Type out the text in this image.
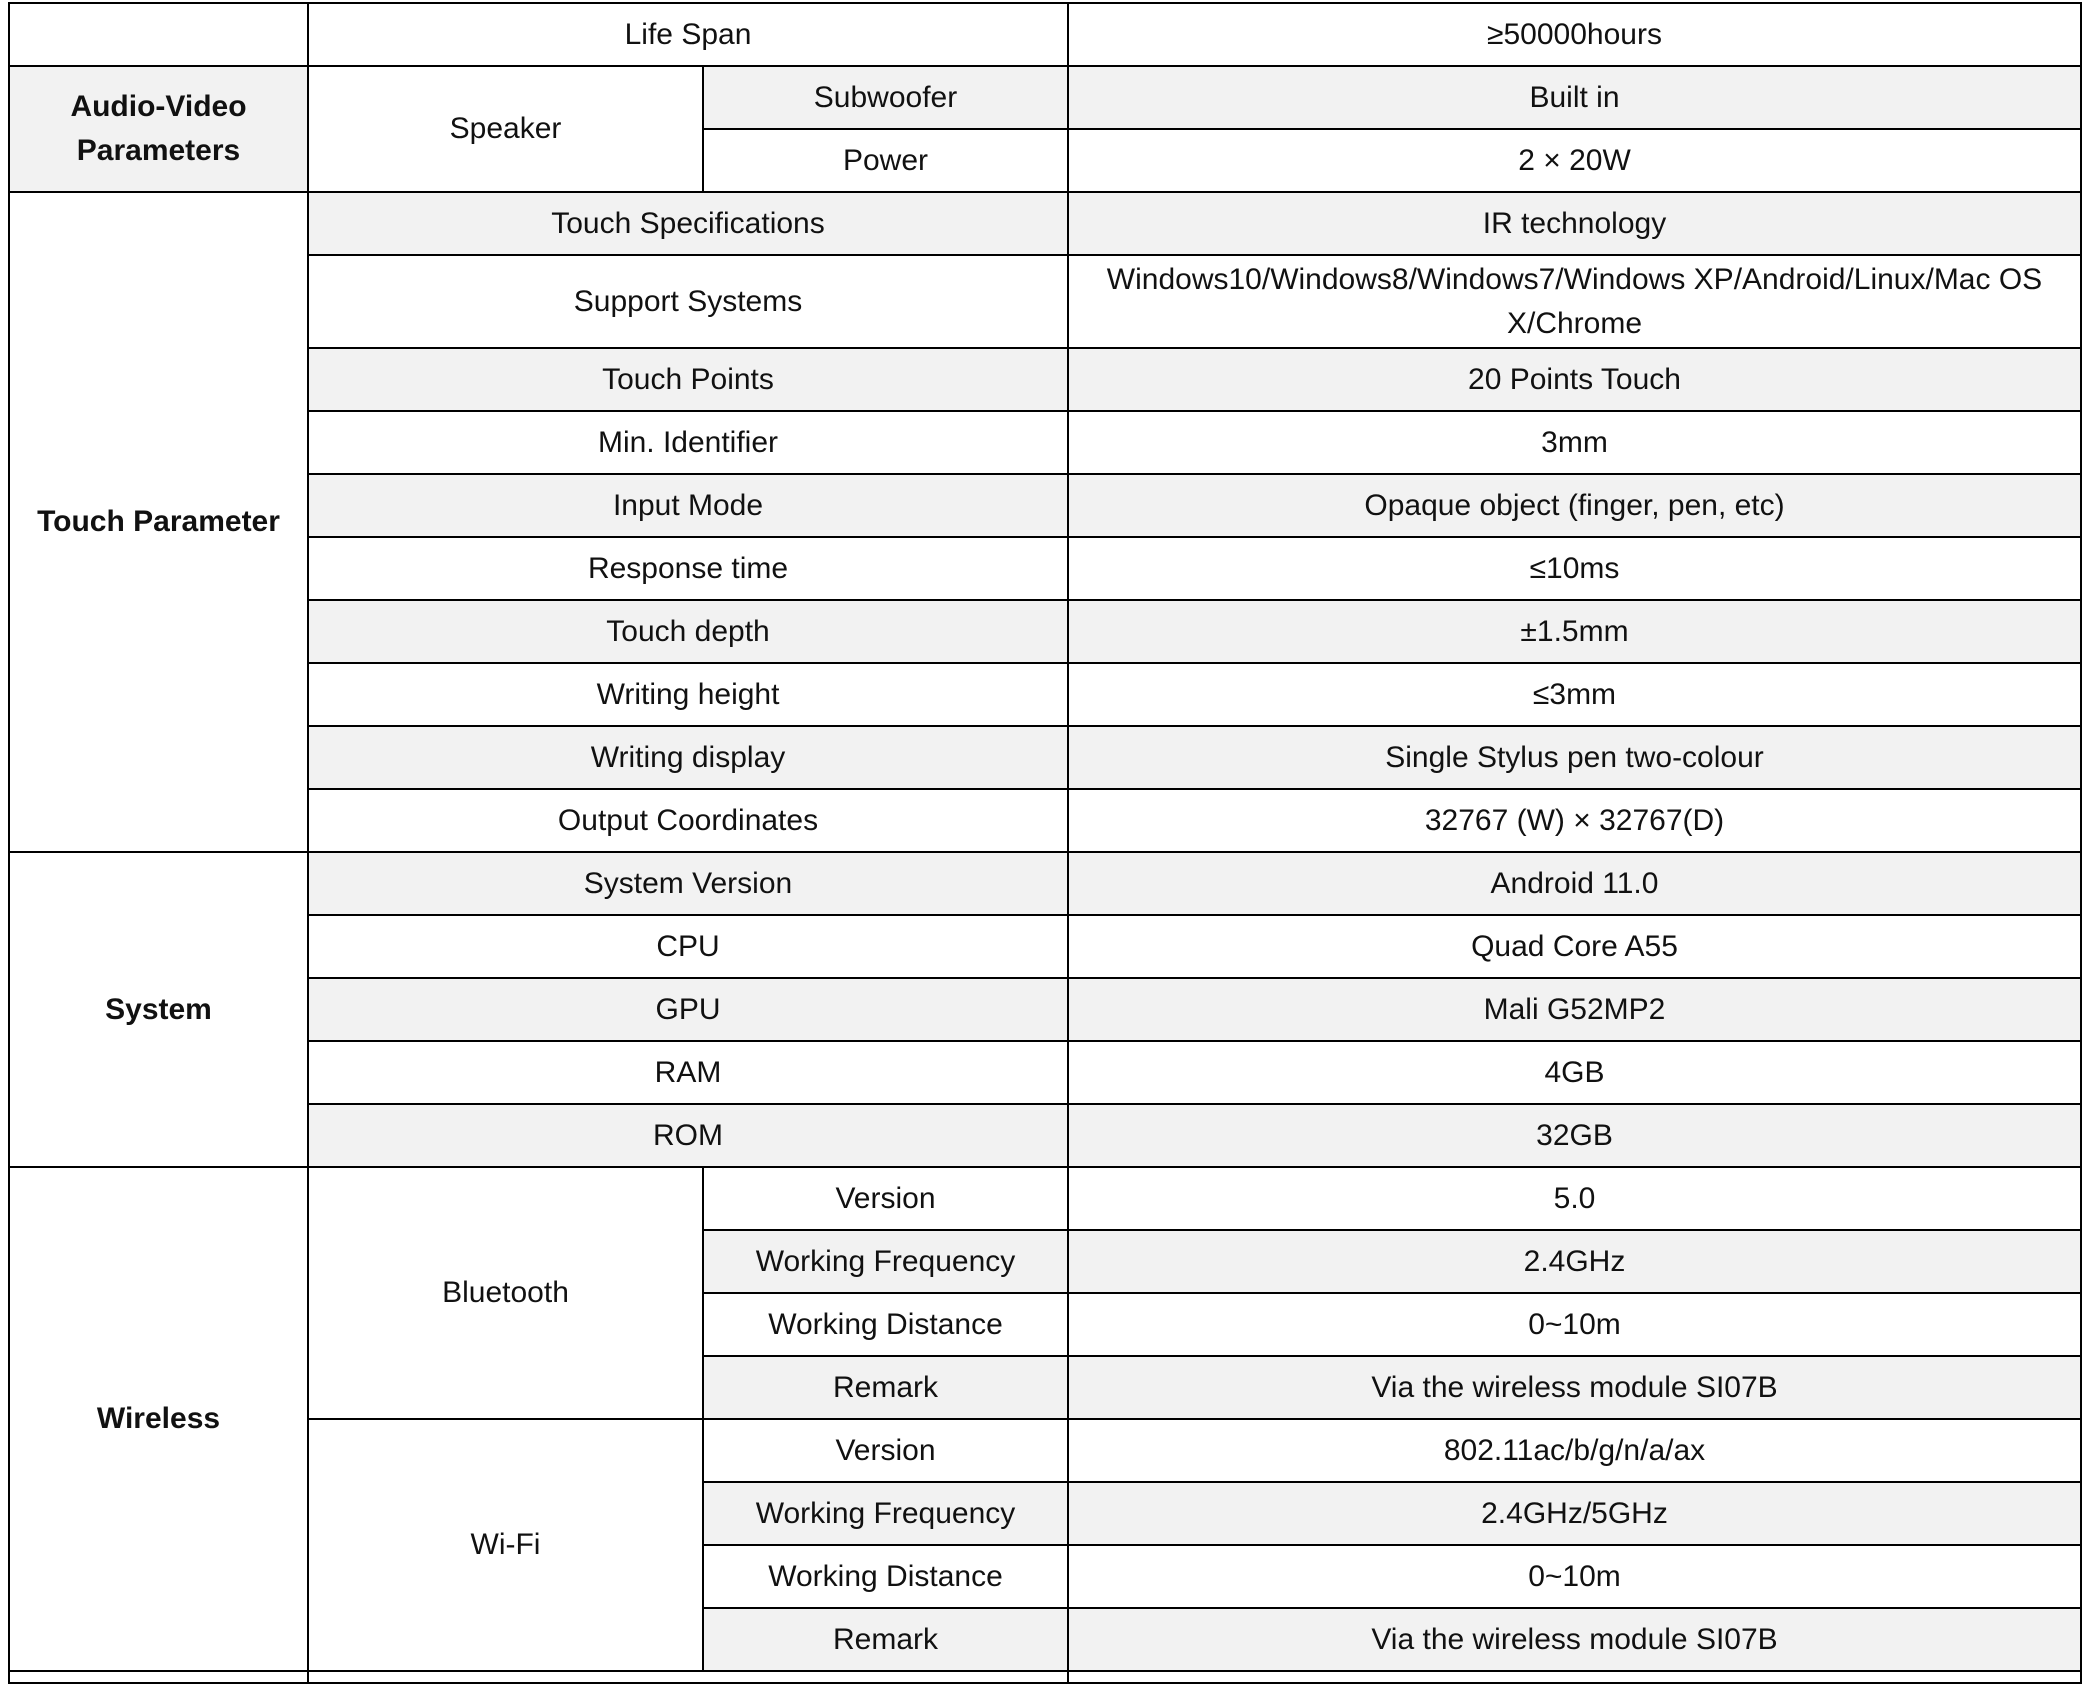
	Life Span		≥50000hours
Audio-Video Parameters	Speaker	Subwoofer	Built in
		Power	2 × 20W
Touch Parameter	Touch Specifications		IR technology
	Support Systems		Windows10/Windows8/Windows7/Windows XP/Android/Linux/Mac OS X/Chrome
	Touch Points		20 Points Touch
	Min. Identifier		3mm
	Input Mode		Opaque object (finger, pen, etc)
	Response time		≤10ms
	Touch depth		±1.5mm
	Writing height		≤3mm
	Writing display		Single Stylus pen two-colour
	Output Coordinates		32767 (W) × 32767(D)
System	System Version		Android 11.0
	CPU		Quad Core A55
	GPU		Mali G52MP2
	RAM		4GB
	ROM		32GB
Wireless	Bluetooth	Version	5.0
		Working Frequency	2.4GHz
		Working Distance	0~10m
		Remark	Via the wireless module SI07B
	Wi-Fi	Version	802.11ac/b/g/n/a/ax
		Working Frequency	2.4GHz/5GHz
		Working Distance	0~10m
		Remark	Via the wireless module SI07B
